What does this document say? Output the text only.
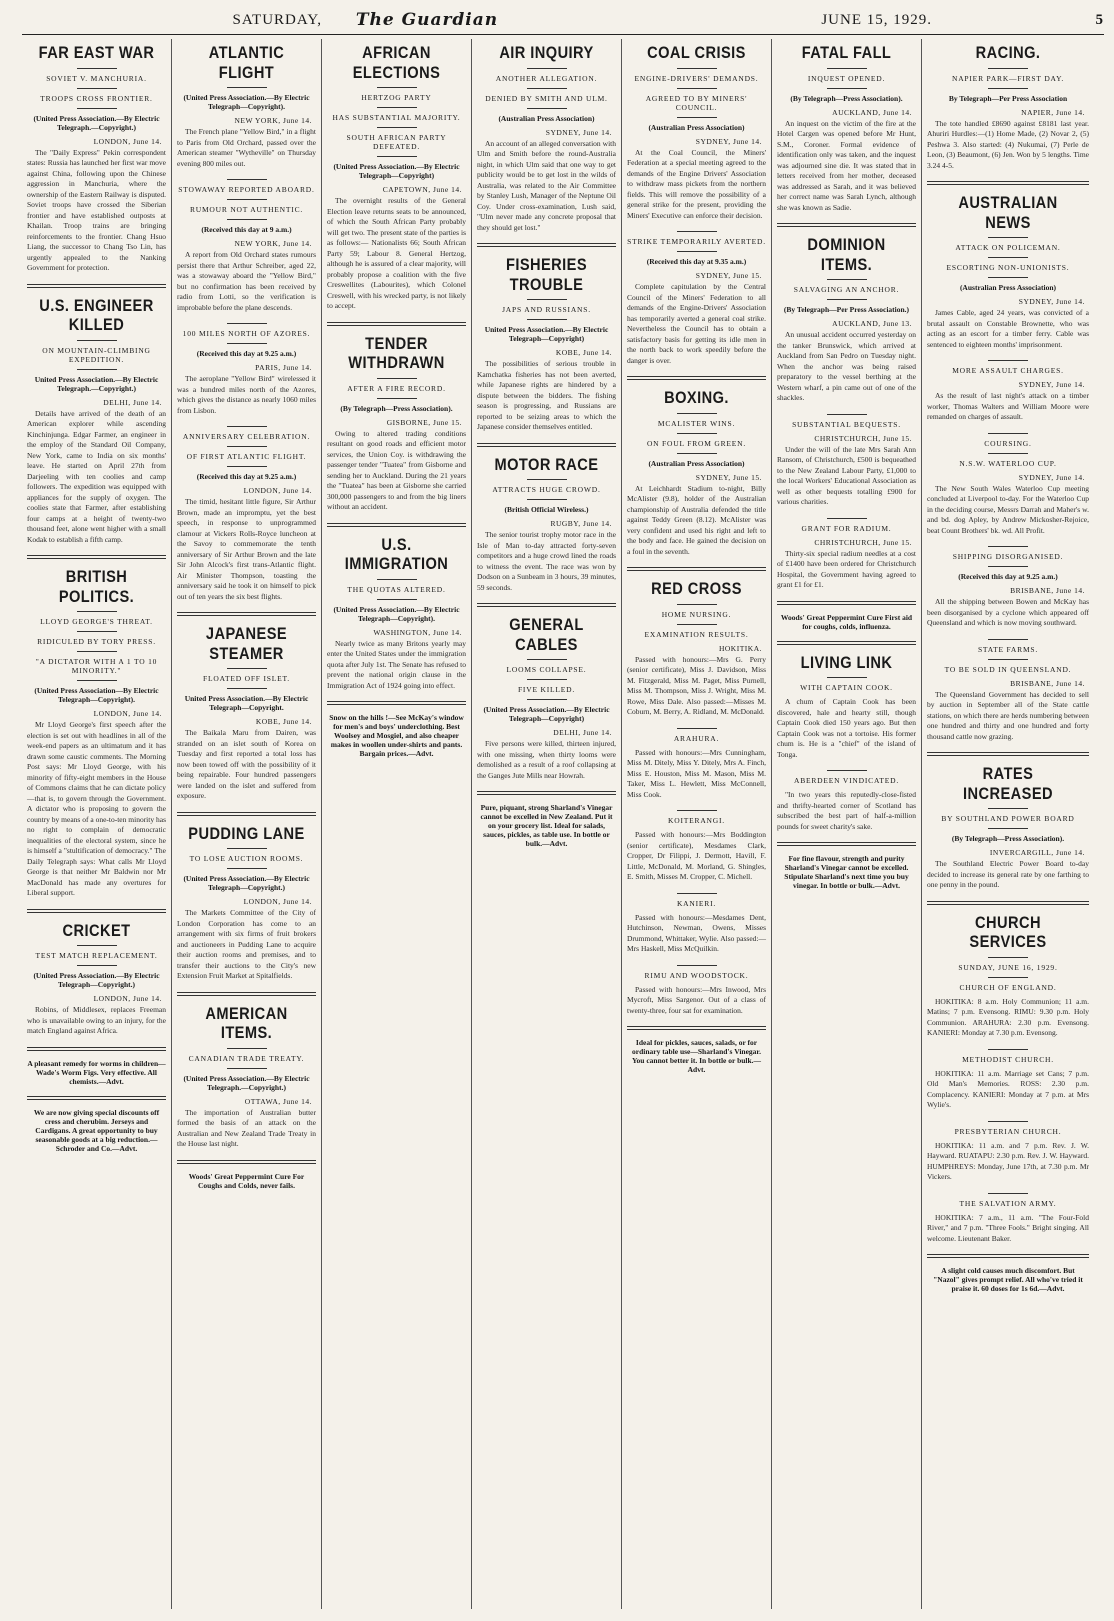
SATURDAY,	The Guardian	JUNE 15, 1929.	5
FAR EAST WAR
SOVIET V. MANCHURIA.
TROOPS CROSS FRONTIER.
(United Press Association.—By Electric Telegraph.—Copyright.)
LONDON, June 14.

The "Daily Express" Pekin correspondent states: Russia has launched her first war move against China, following upon the Chinese aggression in Manchuria, where the ownership of the Eastern Railway is disputed. Soviet troops have crossed the Siberian frontier and have established outposts at Khailan. Troop trains are bringing reinforcements to the frontier. Chang Hsuo Liang, the successor to Chang Tso Lin, has urgently appealed to the Nanking Government for protection.

U.S. ENGINEER KILLED
ON MOUNTAIN-CLIMBING EXPEDITION.
United Press Association.—By Electric Telegraph.—Copyright.)
DELHI, June 14.

Details have arrived of the death of an American explorer while ascending Kinchinjunga. Edgar Farmer, an engineer in the employ of the Standard Oil Company, New York, came to India on six months' leave. He started on April 27th from Darjeeling with ten coolies and camp followers. The expedition was equipped with appliances for the supply of oxygen. The coolies state that Farmer, after establishing four camps at a height of twenty-two thousand feet, alone went higher with a small Kodak to establish a fifth camp.

BRITISH POLITICS.
LLOYD GEORGE'S THREAT.
RIDICULED BY TORY PRESS.
"A DICTATOR WITH A 1 TO 10 MINORITY."
(United Press Association—By Electric Telegraph—Copyright).
LONDON, June 14.

Mr Lloyd George's first speech after the election is set out with headlines in all of the week-end papers as an ultimatum and it has drawn some caustic comments. The Morning Post says: Mr Lloyd George, with his minority of fifty-eight members in the House of Commons claims that he can dictate policy—that is, to govern through the Government. A dictator who is proposing to govern the country by means of a one-to-ten minority has no right to complain of democratic inequalities of the electoral system, since he is himself a "stultification of democracy." The Daily Telegraph says: What calls Mr Lloyd George is that neither Mr Baldwin nor Mr MacDonald has made any overtures for Liberal support.

CRICKET
TEST MATCH REPLACEMENT.
(United Press Association.—By Electric Telegraph—Copyright.)
LONDON, June 14.

Robins, of Middlesex, replaces Freeman who is unavailable owing to an injury, for the match England against Africa.

A pleasant remedy for worms in children—Wade's Worm Figs. Very effective. All chemists.—Advt.
We are now giving special discounts off cress and cherubim. Jerseys and Cardigans. A great opportunity to buy seasonable goods at a big reduction.—Schroder and Co.—Advt.
ATLANTIC FLIGHT
(United Press Association.—By Electric Telegraph—Copyright).
NEW YORK, June 14.

The French plane "Yellow Bird," in a flight to Paris from Old Orchard, passed over the American steamer "Wytheville" on Thursday evening 800 miles out.

STOWAWAY REPORTED ABOARD.
RUMOUR NOT AUTHENTIC.
(Received this day at 9 a.m.)
NEW YORK, June 14.

A report from Old Orchard states rumours persist there that Arthur Schreiber, aged 22, was a stowaway aboard the "Yellow Bird," but no confirmation has been received by radio from Lotti, so the verification is improbable before the plane descends.

100 MILES NORTH OF AZORES.
(Received this day at 9.25 a.m.)
PARIS, June 14.

The aeroplane "Yellow Bird" wirelessed it was a hundred miles north of the Azores, which gives the distance as nearly 1060 miles from Lisbon.

ANNIVERSARY CELEBRATION.
OF FIRST ATLANTIC FLIGHT.
(Received this day at 9.25 a.m.)
LONDON, June 14.

The timid, hesitant little figure, Sir Arthur Brown, made an impromptu, yet the best speech, in response to unprogrammed clamour at Vickers Rolls-Royce luncheon at the Savoy to commemorate the tenth anniversary of Sir Arthur Brown and the late Sir John Alcock's first trans-Atlantic flight. Air Minister Thompson, toasting the anniversary said he took it on himself to pick out of ten years the six best flights.

JAPANESE STEAMER
FLOATED OFF ISLET.
United Press Association.—By Electric Telegraph—Copyright.
KOBE, June 14.

The Baikala Maru from Dairen, was stranded on an islet south of Korea on Tuesday and first reported a total loss has now been towed off with the possibility of it being repairable. Four hundred passengers were landed on the islet and suffered from exposure.

PUDDING LANE
TO LOSE AUCTION ROOMS.
(United Press Association.—By Electric Telegraph—Copyright.)
LONDON, June 14.

The Markets Committee of the City of London Corporation has come to an arrangement with six firms of fruit brokers and auctioneers in Pudding Lane to acquire their auction rooms and premises, and to transfer their auctions to the City's new Extension Fruit Market at Spitalfields.

AMERICAN ITEMS.
CANADIAN TRADE TREATY.
(United Press Association.—By Electric Telegraph.—Copyright.)
OTTAWA, June 14.

The importation of Australian butter formed the basis of an attack on the Australian and New Zealand Trade Treaty in the House last night.

Woods' Great Peppermint Cure For Coughs and Colds, never fails.
AFRICAN ELECTIONS
HERTZOG PARTY
HAS SUBSTANTIAL MAJORITY.
SOUTH AFRICAN PARTY DEFEATED.
(United Press Association.—By Electric Telegraph—Copyright)
CAPETOWN, June 14.

The overnight results of the General Election leave returns seats to be announced, of which the South African Party probably will get two. The present state of the parties is as follows:— Nationalists 66; South African Party 59; Labour 8. General Hertzog, although he is assured of a clear majority, will probably propose a coalition with the five Creswellites (Labourites), which Colonel Creswell, with his wrecked party, is not likely to accept.

TENDER WITHDRAWN
AFTER A FIRE RECORD.
(By Telegraph—Press Association).
GISBORNE, June 15.

Owing to altered trading conditions resultant on good roads and efficient motor services, the Union Coy. is withdrawing the passenger tender "Tuatea" from Gisborne and sending her to Auckland. During the 21 years the "Tuatea" has been at Gisborne she carried 300,000 passengers to and from the big liners without an accident.

U.S. IMMIGRATION
THE QUOTAS ALTERED.
(United Press Association.—By Electric Telegraph—Copyright).
WASHINGTON, June 14.

Nearly twice as many Britons yearly may enter the United States under the immigration quota after July 1st. The Senate has refused to prevent the national origin clause in the Immigration Act of 1924 going into effect.

Snow on the hills !—See McKay's window for men's and boys' underclothing. Best Woolsey and Mosgiel, and also cheaper makes in woollen under-shirts and pants. Bargain prices.—Advt.
AIR INQUIRY
ANOTHER ALLEGATION.
DENIED BY SMITH AND ULM.
(Australian Press Association)
SYDNEY, June 14.

An account of an alleged conversation with Ulm and Smith before the round-Australia night, in which Ulm said that one way to get publicity would be to get lost in the wilds of Australia, was related to the Air Committee by Stanley Lush, Manager of the Neptune Oil Coy. Under cross-examination, Lush said, "Ulm never made any concrete proposal that they should get lost."

FISHERIES TROUBLE
JAPS AND RUSSIANS.
United Press Association.—By Electric Telegraph—Copyright)
KOBE, June 14.

The possibilities of serious trouble in Kamchatka fisheries has not been averted, while Japanese rights are hindered by a dispute between the bidders. The fishing season is progressing, and Russians are reported to be seizing areas to which the Japanese consider themselves entitled.

MOTOR RACE
ATTRACTS HUGE CROWD.
(British Official Wireless.)
RUGBY, June 14.

The senior tourist trophy motor race in the Isle of Man to-day attracted forty-seven competitors and a huge crowd lined the roads to witness the event. The race was won by Dodson on a Sunbeam in 3 hours, 39 minutes, 59 seconds.

GENERAL CABLES
LOOMS COLLAPSE.
FIVE KILLED.
(United Press Association.—By Electric Telegraph—Copyright)
DELHI, June 14.

Five persons were killed, thirteen injured, with one missing, when thirty looms were demolished as a result of a roof collapsing at the Ganges Jute Mills near Howrah.

Pure, piquant, strong Sharland's Vinegar cannot be excelled in New Zealand. Put it on your grocery list. Ideal for salads, sauces, pickles, as table use. In bottle or bulk.—Advt.
COAL CRISIS
ENGINE-DRIVERS' DEMANDS.
AGREED TO BY MINERS' COUNCIL.
(Australian Press Association)
SYDNEY, June 14.

At the Coal Council, the Miners' Federation at a special meeting agreed to the demands of the Engine Drivers' Association to withdraw mass pickets from the northern fields. This will remove the possibility of a general strike for the present, providing the Miners' Executive can enforce their decision.

STRIKE TEMPORARILY AVERTED.
(Received this day at 9.35 a.m.)
SYDNEY, June 15.

Complete capitulation by the Central Council of the Miners' Federation to all demands of the Engine-Drivers' Association has temporarily averted a general coal strike. Nevertheless the Council has to obtain a satisfactory basis for getting its idle men in the north back to work speedily before the danger is over.

BOXING.
MCALISTER WINS.
ON FOUL FROM GREEN.
(Australian Press Association)
SYDNEY, June 15.

At Leichhardt Stadium to-night, Billy McAlister (9.8), holder of the Australian championship of Australia defended the title against Teddy Green (8.12). McAlister was very confident and used his right and left to the body and face. He gained the decision on a foul in the seventh.

RED CROSS
HOME NURSING.
EXAMINATION RESULTS.
HOKITIKA.

Passed with honours:—Mrs G. Perry (senior certificate), Miss J. Davidson, Miss M. Fitzgerald, Miss M. Paget, Miss Purnell, Miss M. Thompson, Miss J. Wright, Miss M. Rowe, Miss Dale. Also passed:—Misses M. Coburn, M. Berry, A. Ridland, M. McDonald.

ARAHURA.

Passed with honours:—Mrs Cunningham, Miss M. Ditely, Miss Y. Ditely, Mrs A. Finch, Miss E. Houston, Miss M. Mason, Miss M. Taker, Miss L. Hewlett, Miss McConnell, Miss Cook.

KOITERANGI.

Passed with honours:—Mrs Boddington (senior certificate), Mesdames Clark, Cropper, Dr Filippi, J. Dermott, Havill, F. Little, McDonald, M. Morland, G. Shingles, E. Smith, Misses M. Cropper, C. Michell.

KANIERI.

Passed with honours:—Mesdames Dent, Hutchinson, Newman, Owens, Misses Drummond, Whittaker, Wylie. Also passed:—Mrs Haskell, Miss McQuilkin.

RIMU AND WOODSTOCK.

Passed with honours:—Mrs Inwood, Mrs Mycroft, Miss Sargenor. Out of a class of twenty-three, four sat for examination.

Ideal for pickles, sauces, salads, or for ordinary table use—Sharland's Vinegar. You cannot better it. In bottle or bulk.—Advt.
FATAL FALL
INQUEST OPENED.
(By Telegraph—Press Association).
AUCKLAND, June 14.

An inquest on the victim of the fire at the Hotel Cargen was opened before Mr Hunt, S.M., Coroner. Formal evidence of identification only was taken, and the inquest was adjourned sine die. It was stated that in letters received from her mother, deceased was addressed as Sarah, and it was believed her correct name was Sarah Lynch, although she was known as Sadie.

DOMINION ITEMS.
SALVAGING AN ANCHOR.
(By Telegraph—Per Press Association.)
AUCKLAND, June 13.

An unusual accident occurred yesterday on the tanker Brunswick, which arrived at Auckland from San Pedro on Tuesday night. When the anchor was being raised preparatory to the vessel berthing at the Western wharf, a pin came out of one of the shackles.

SUBSTANTIAL BEQUESTS.
CHRISTCHURCH, June 15.

Under the will of the late Mrs Sarah Ann Ransom, of Christchurch, £500 is bequeathed to the New Zealand Labour Party, £1,000 to the local Workers' Educational Association as well as other bequests totalling £900 for various charities.

GRANT FOR RADIUM.
CHRISTCHURCH, June 15.

Thirty-six special radium needles at a cost of £1400 have been ordered for Christchurch Hospital, the Government having agreed to grant £1 for £1.

Woods' Great Peppermint Cure First aid for coughs, colds, influenza.
LIVING LINK
WITH CAPTAIN COOK.

A chum of Captain Cook has been discovered, hale and hearty still, though Captain Cook died 150 years ago. But then Captain Cook was not a tortoise. His former chum is. He is a "chief" of the island of Tonga.

ABERDEEN VINDICATED.

"In two years this reputedly-close-fisted and thrifty-hearted corner of Scotland has subscribed the best part of half-a-million pounds for sweet charity's sake.

For fine flavour, strength and purity Sharland's Vinegar cannot be excelled. Stipulate Sharland's next time you buy vinegar. In bottle or bulk.—Advt.
RACING.
NAPIER PARK—FIRST DAY.
By Telegraph—Per Press Association
NAPIER, June 14.

The tote handled £8690 against £8181 last year. Ahuriri Hurdles:—(1) Home Made, (2) Novar 2, (5) Peshwa 3. Also started: (4) Nukumai, (7) Perle de Leon, (3) Beaumont, (6) Jen. Won by 5 lengths. Time 3.24 4-5.

AUSTRALIAN NEWS
ATTACK ON POLICEMAN.
ESCORTING NON-UNIONISTS.
(Australian Press Association)
SYDNEY, June 14.

James Cable, aged 24 years, was convicted of a brutal assault on Constable Brownette, who was acting as an escort for a timber ferry. Cable was sentenced to eighteen months' imprisonment.

MORE ASSAULT CHARGES.
SYDNEY, June 14.

As the result of last night's attack on a timber worker, Thomas Walters and William Moore were remanded on charges of assault.

COURSING.
N.S.W. WATERLOO CUP.
SYDNEY, June 14.

The New South Wales Waterloo Cup meeting concluded at Liverpool to-day. For the Waterloo Cup in the deciding course, Messrs Darrah and Maher's w. and bd. dog Apley, by Andrew Mickosher-Rejoice, beat Count Brothers' bk. wd. All Profit.

SHIPPING DISORGANISED.
(Received this day at 9.25 a.m.)
BRISBANE, June 14.

All the shipping between Bowen and McKay has been disorganised by a cyclone which appeared off Queensland and which is now moving southward.

STATE FARMS.
TO BE SOLD IN QUEENSLAND.
BRISBANE, June 14.

The Queensland Government has decided to sell by auction in September all of the State cattle stations, on which there are herds numbering between one hundred and thirty and one hundred and forty thousand cattle now grazing.

RATES INCREASED
BY SOUTHLAND POWER BOARD
(By Telegraph—Press Association).
INVERCARGILL, June 14.

The Southland Electric Power Board to-day decided to increase its general rate by one farthing to one penny in the pound.

CHURCH SERVICES
SUNDAY, JUNE 16, 1929.
CHURCH OF ENGLAND.

HOKITIKA: 8 a.m. Holy Communion; 11 a.m. Matins; 7 p.m. Evensong. RIMU: 9.30 p.m. Holy Communion. ARAHURA: 2.30 p.m. Evensong. KANIERI: Monday at 7.30 p.m. Evensong.

METHODIST CHURCH.

HOKITIKA: 11 a.m. Marriage set Cans; 7 p.m. Old Man's Memories. ROSS: 2.30 p.m. Complacency. KANIERI: Monday at 7 p.m. at Mrs Wylie's.

PRESBYTERIAN CHURCH.

HOKITIKA: 11 a.m. and 7 p.m. Rev. J. W. Hayward. RUATAPU: 2.30 p.m. Rev. J. W. Hayward. HUMPHREYS: Monday, June 17th, at 7.30 p.m. Mr Vickers.

THE SALVATION ARMY.

HOKITIKA: 7 a.m., 11 a.m. "The Four-Fold River," and 7 p.m. "Three Fools." Bright singing. All welcome. Lieutenant Baker.

A slight cold causes much discomfort. But "Nazol" gives prompt relief. All who've tried it praise it. 60 doses for 1s 6d.—Advt.
